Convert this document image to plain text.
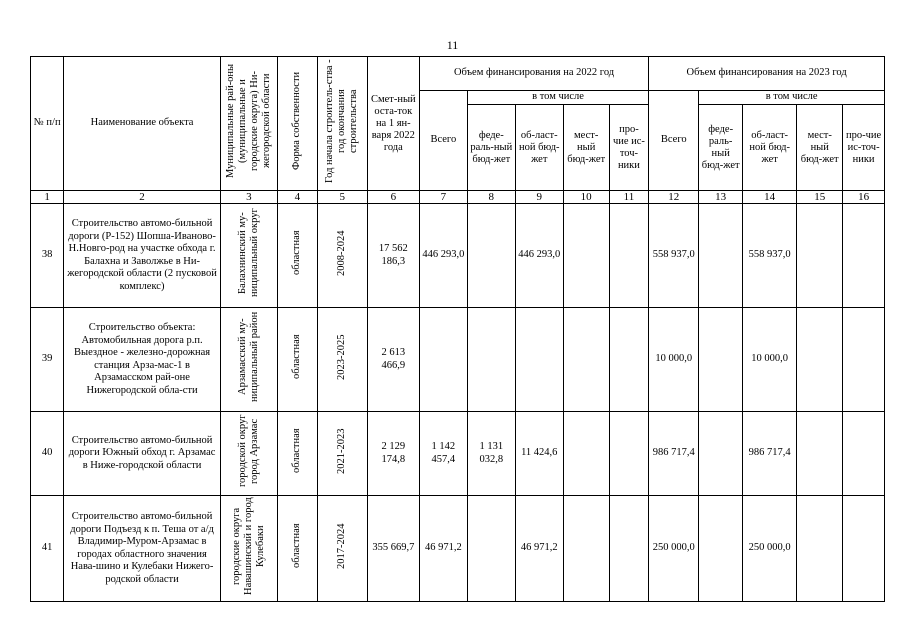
11
№ п/п	Наименование объекта	Муниципальные рай-оны (муниципальные и городские округа) Ни-жегородской области	Форма собственности	Год начала строитель-ства - год окончания строительства	Смет-ный оста-ток на 1 ян-варя 2022 года	Объем финансирования на 2022 год					Объем финансирования на 2023 год				
						Всего	в том числе				Всего	в том числе			
							феде-раль-ный бюд-жет	об-ласт-ной бюд-жет	мест-ный бюд-жет	про-чие ис-точ-ники		феде-раль-ный бюд-жет	об-ласт-ной бюд-жет	мест-ный бюд-жет	про-чие ис-точ-ники
1	2	3	4	5	6	7	8	9	10	11	12	13	14	15	16
38	Строительство автомо-бильной дороги (Р-152) Шопша-Иваново-Н.Новго-род на участке обхода г. Балахна и Заволжье в Ни-жегородской области (2 пусковой комплекс)	Балахнинский му-ниципальный округ	областная	2008-2024	17 562 186,3	446 293,0		446 293,0			558 937,0		558 937,0		
39	Строительство объекта: Автомобильная дорога р.п. Выездное - железно-дорожная станция Арза-мас-1 в Арзамасском рай-оне Нижегородской обла-сти	Арзамасский му-ниципальный район	областная	2023-2025	2 613 466,9						10 000,0		10 000,0		
40	Строительство автомо-бильной дороги Южный обход г. Арзамас в Ниже-городской области	городской округ город Арзамас	областная	2021-2023	2 129 174,8	1 142 457,4	1 131 032,8	11 424,6			986 717,4		986 717,4		
41	Строительство автомо-бильной дороги Подъезд к п. Теша от а/д Владимир-Муром-Арзамас в городах областного значения Нава-шино и Кулебаки Нижего-родской области	городские округа Навашинский и город Кулебаки	областная	2017-2024	355 669,7	46 971,2		46 971,2			250 000,0		250 000,0		
